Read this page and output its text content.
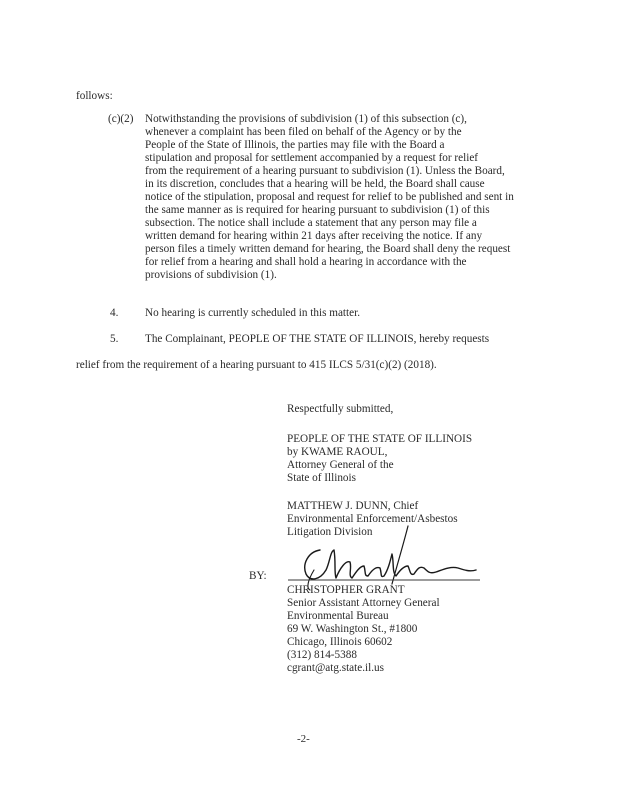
follows:
(c)(2) Notwithstanding the provisions of subdivision (1) of this subsection (c),
whenever a complaint has been filed on behalf of the Agency or by the
People of the State of Illinois, the parties may file with the Board a
stipulation and proposal for settlement accompanied by a request for relief
from the requirement of a hearing pursuant to subdivision (1). Unless the Board,
in its discretion, concludes that a hearing will be held, the Board shall cause
notice of the stipulation, proposal and request for relief to be published and sent in
the same manner as is required for hearing pursuant to subdivision (1) of this
subsection. The notice shall include a statement that any person may file a
written demand for hearing within 21 days after receiving the notice. If any
person files a timely written demand for hearing, the Board shall deny the request
for relief from a hearing and shall hold a hearing in accordance with the
provisions of subdivision (1).
4. No hearing is currently scheduled in this matter.
5. The Complainant, PEOPLE OF THE STATE OF ILLINOIS, hereby requests
relief from the requirement of a hearing pursuant to 415 ILCS 5/31(c)(2) (2018).
Respectfully submitted,
PEOPLE OF THE STATE OF ILLINOIS
by KWAME RAOUL,
Attorney General of the
State of Illinois
MATTHEW J. DUNN, Chief
Environmental Enforcement/Asbestos
Litigation Division
BY:
CHRISTOPHER GRANT
Senior Assistant Attorney General
Environmental Bureau
69 W. Washington St., #1800
Chicago, Illinois 60602
(312) 814-5388
cgrant@atg.state.il.us
-2-
